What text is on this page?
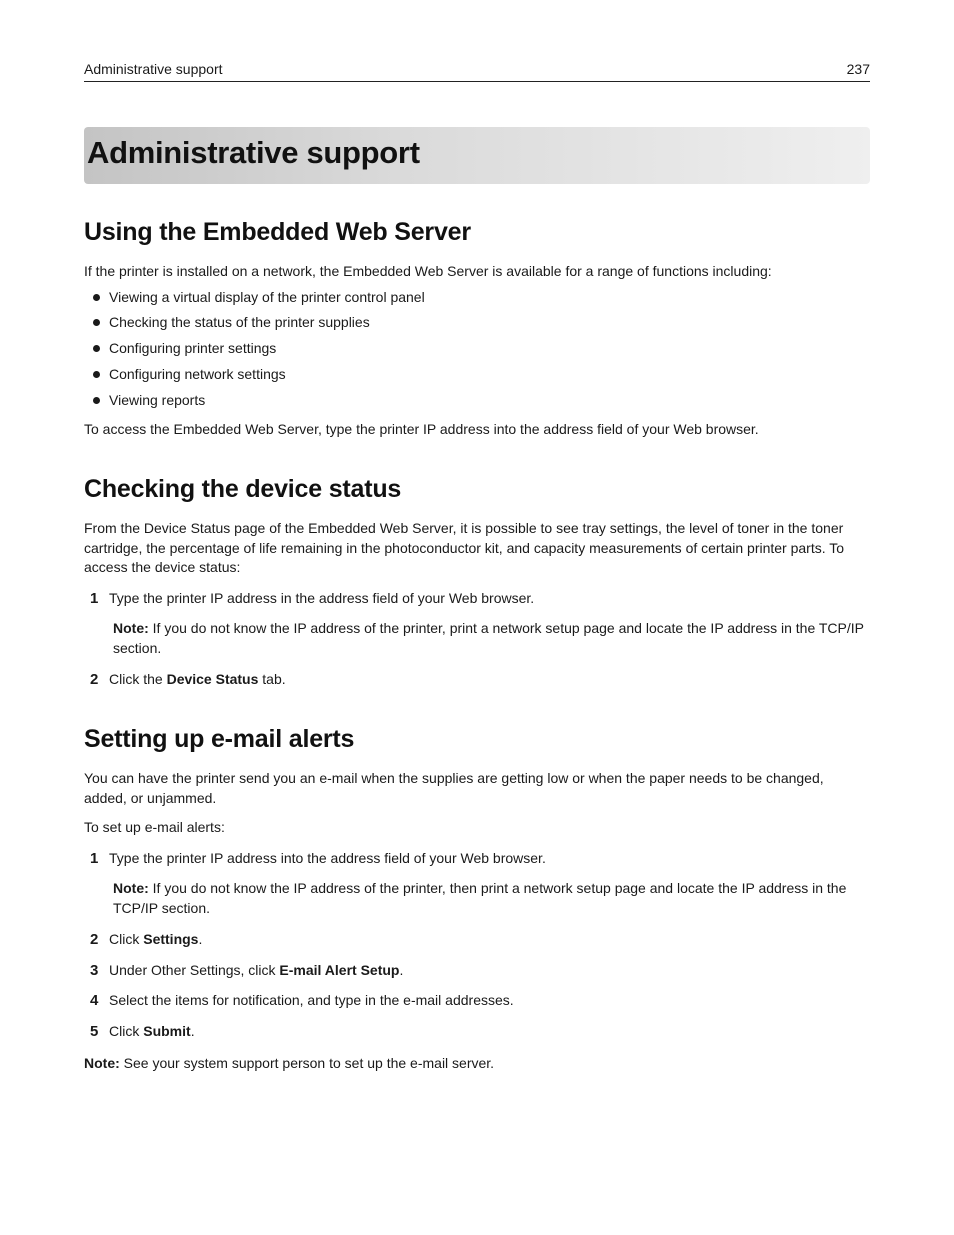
Administrative support	237
Administrative support
Using the Embedded Web Server

If the printer is installed on a network, the Embedded Web Server is available for a range of functions including:

Viewing a virtual display of the printer control panel
Checking the status of the printer supplies
Configuring printer settings
Configuring network settings
Viewing reports

To access the Embedded Web Server, type the printer IP address into the address field of your Web browser.

Checking the device status

From the Device Status page of the Embedded Web Server, it is possible to see tray settings, the level of toner in the toner cartridge, the percentage of life remaining in the photoconductor kit, and capacity measurements of certain printer parts. To access the device status:

1 Type the printer IP address in the address field of your Web browser.

Note: If you do not know the IP address of the printer, print a network setup page and locate the IP address in the TCP/IP section.

2 Click the Device Status tab.
Setting up e-mail alerts

You can have the printer send you an e-mail when the supplies are getting low or when the paper needs to be changed, added, or unjammed.

To set up e-mail alerts:

1 Type the printer IP address into the address field of your Web browser.

Note: If you do not know the IP address of the printer, then print a network setup page and locate the IP address in the TCP/IP section.

2 Click Settings.
3 Under Other Settings, click E-mail Alert Setup.
4 Select the items for notification, and type in the e-mail addresses.
5 Click Submit.

Note: See your system support person to set up the e-mail server.
